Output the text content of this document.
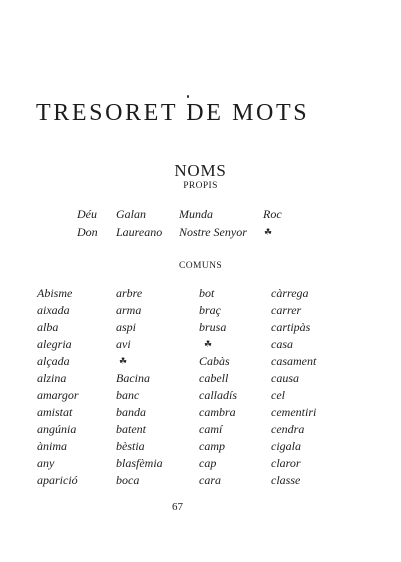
TRESORET DE MOTS
NOMS
PROPIS
COMUNS
Déu
Don
Galan
Laureano
Munda
Nostre Senyor
Roc
☘
Abisme
aixada
alba
alegria
alçada
alzina
amargor
amistat
angúnia
ànima
any
aparició
arbre
arma
aspi
avi
☘
Bacina
banc
banda
batent
bèstia
blasfèmia
boca
bot
braç
brusa
☘
Cabàs
cabell
calladís
cambra
camí
camp
cap
cara
càrrega
carrer
cartipàs
casa
casament
causa
cel
cementiri
cendra
cigala
claror
classe
67
